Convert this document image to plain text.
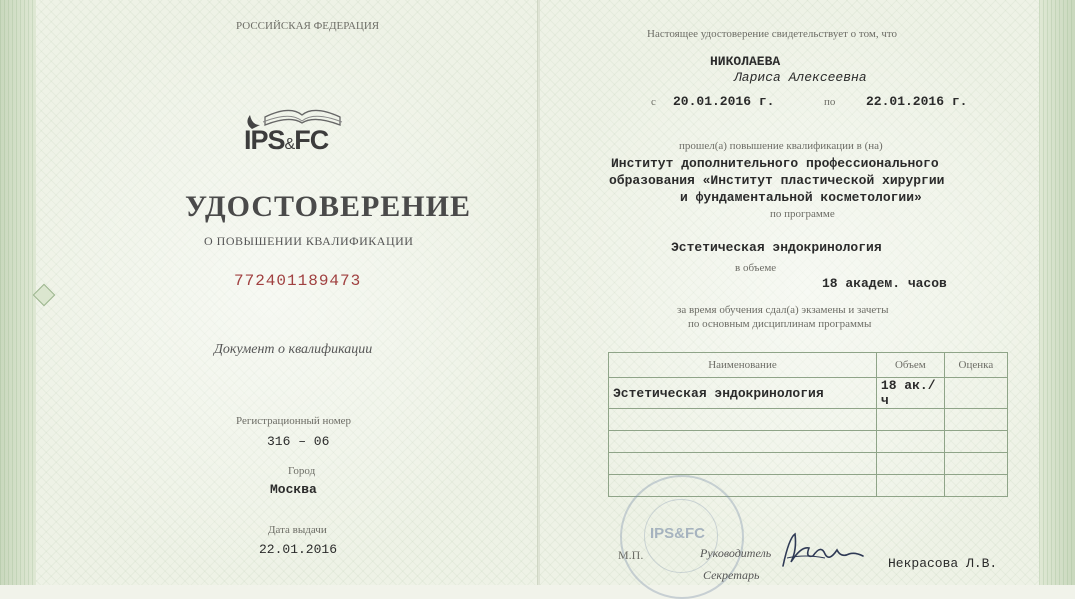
РОССИЙСКАЯ ФЕДЕРАЦИЯ
IPS&FC
УДОСТОВЕРЕНИЕ
О ПОВЫШЕНИИ КВАЛИФИКАЦИИ
772401189473
Документ о квалификации
Регистрационный номер
316 – 06
Город
Москва
Дата выдачи
22.01.2016
Настоящее удостоверение свидетельствует о том, что
НИКОЛАЕВА
Лариса Алексеевна
с 20.01.2016 г.	по 22.01.2016 г.
прошел(а) повышение квалификации в (на)
Институт дополнительного профессионального
образования «Институт пластической хирургии
и фундаментальной косметологии»
по программе
Эстетическая эндокринология
в объеме
18 академ. часов
за время обучения сдал(а) экзамены и зачеты
по основным дисциплинам программы
Наименование	Объем	Оценка
Эстетическая эндокринология	18 ак./ч	

IPS&FC
М.П.	Руководитель
Некрасова Л.В.
Секретарь
